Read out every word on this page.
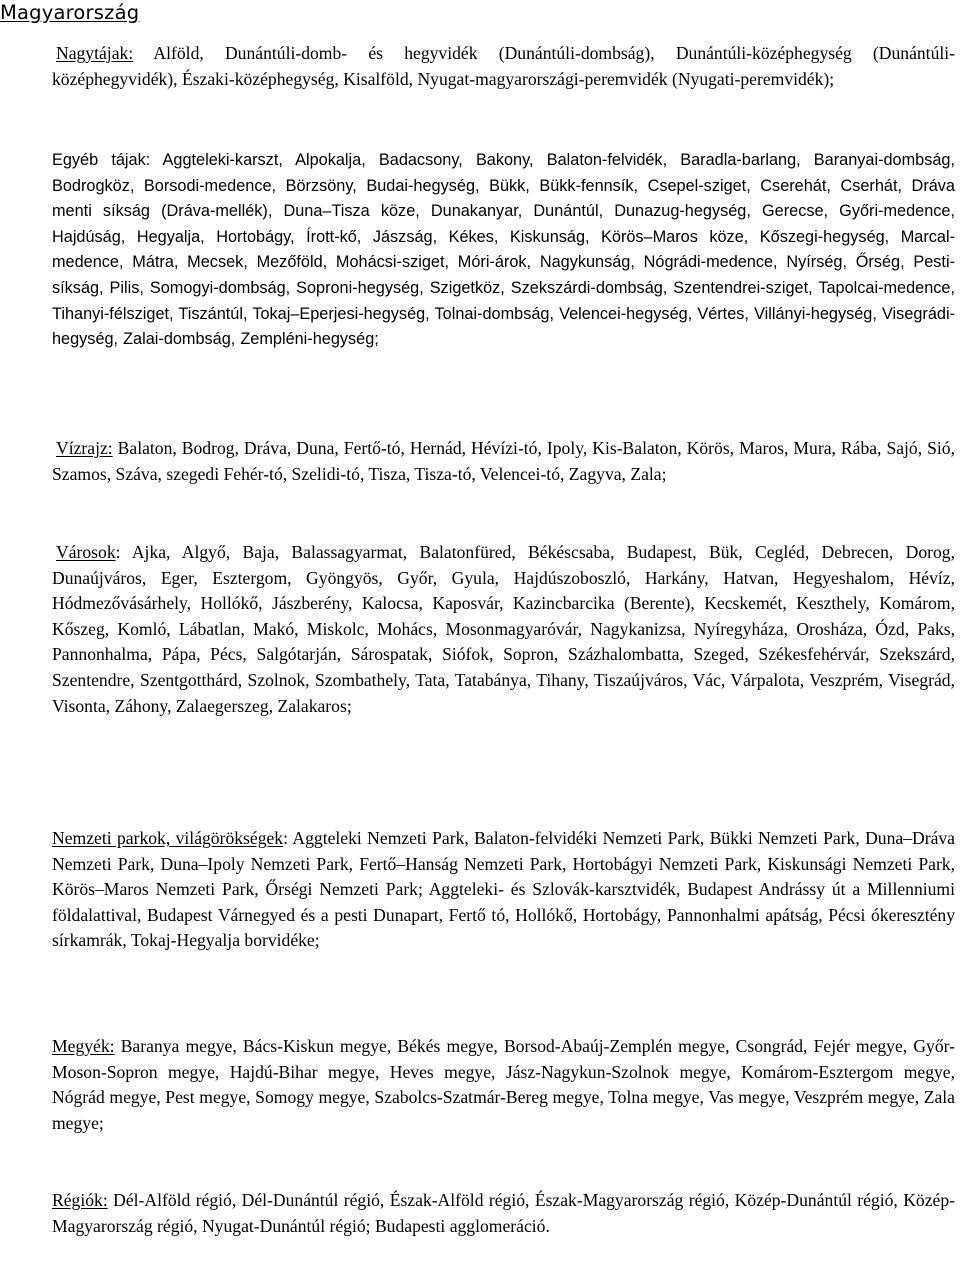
Magyarország

Nagytájak: Alföld, Dunántúli-domb- és hegyvidék (Dunántúli-dombság), Dunántúli-középhegység (Dunántúli-középhegyvidék), Északi-középhegység, Kisalföld, Nyugat-magyarországi-peremvidék (Nyugati-peremvidék);

Egyéb tájak: Aggteleki-karszt, Alpokalja, Badacsony, Bakony, Balaton-felvidék, Baradla-barlang, Baranyai-dombság, Bodrogköz, Borsodi-medence, Börzsöny, Budai-hegység, Bükk, Bükk-fennsík, Csepel-sziget, Cserehát, Cserhát, Dráva menti síkság (Dráva-mellék), Duna–Tisza köze, Dunakanyar, Dunántúl, Dunazug-hegység, Gerecse, Győri-medence, Hajdúság, Hegyalja, Hortobágy, Írott-kő, Jászság, Kékes, Kiskunság, Körös–Maros köze, Kőszegi-hegység, Marcal-medence, Mátra, Mecsek, Mezőföld, Mohácsi-sziget, Móri-árok, Nagykunság, Nógrádi-medence, Nyírség, Őrség, Pesti-síkság, Pilis, Somogyi-dombság, Soproni-hegység, Szigetköz, Szekszárdi-dombság, Szentendrei-sziget, Tapolcai-medence, Tihanyi-félsziget, Tiszántúl, Tokaj–Eperjesi-hegység, Tolnai-dombság, Velencei-hegység, Vértes, Villányi-hegység, Visegrádi-hegység, Zalai-dombság, Zempléni-hegység;

Vízrajz: Balaton, Bodrog, Dráva, Duna, Fertő-tó, Hernád, Hévízi-tó, Ipoly, Kis-Balaton, Körös, Maros, Mura, Rába, Sajó, Sió, Szamos, Száva, szegedi Fehér-tó, Szelidi-tó, Tisza, Tisza-tó, Velencei-tó, Zagyva, Zala;

Városok: Ajka, Algyő, Baja, Balassagyarmat, Balatonfüred, Békéscsaba, Budapest, Bük, Cegléd, Debrecen, Dorog, Dunaújváros, Eger, Esztergom, Gyöngyös, Győr, Gyula, Hajdúszoboszló, Harkány, Hatvan, Hegyeshalom, Hévíz, Hódmezővásárhely, Hollókő, Jászberény, Kalocsa, Kaposvár, Kazincbarcika (Berente), Kecskemét, Keszthely, Komárom, Kőszeg, Komló, Lábatlan, Makó, Miskolc, Mohács, Mosonmagyaróvár, Nagykanizsa, Nyíregyháza, Orosháza, Ózd, Paks, Pannonhalma, Pápa, Pécs, Salgótarján, Sárospatak, Siófok, Sopron, Százhalombatta, Szeged, Székesfehérvár, Szekszárd, Szentendre, Szentgotthárd, Szolnok, Szombathely, Tata, Tatabánya, Tihany, Tiszaújváros, Vác, Várpalota, Veszprém, Visegrád, Visonta, Záhony, Zalaegerszeg, Zalakaros;

Nemzeti parkok, világörökségek: Aggteleki Nemzeti Park, Balaton-felvidéki Nemzeti Park, Bükki Nemzeti Park, Duna–Dráva Nemzeti Park, Duna–Ipoly Nemzeti Park, Fertő–Hanság Nemzeti Park, Hortobágyi Nemzeti Park, Kiskunsági Nemzeti Park, Körös–Maros Nemzeti Park, Őrségi Nemzeti Park; Aggteleki- és Szlovák-karsztvidék, Budapest Andrássy út a Millenniumi földalattival, Budapest Várnegyed és a pesti Dunapart, Fertő tó, Hollókő, Hortobágy, Pannonhalmi apátság, Pécsi ókeresztény sírkamrák, Tokaj-Hegyalja borvidéke;

Megyék: Baranya megye, Bács-Kiskun megye, Békés megye, Borsod-Abaúj-Zemplén megye, Csongrád, Fejér megye, Győr-Moson-Sopron megye, Hajdú-Bihar megye, Heves megye, Jász-Nagykun-Szolnok megye, Komárom-Esztergom megye, Nógrád megye, Pest megye, Somogy megye, Szabolcs-Szatmár-Bereg megye, Tolna megye, Vas megye, Veszprém megye, Zala megye;

Régiók: Dél-Alföld régió, Dél-Dunántúl régió, Észak-Alföld régió, Észak-Magyarország régió, Közép-Dunántúl régió, Közép-Magyarország régió, Nyugat-Dunántúl régió; Budapesti agglomeráció.
